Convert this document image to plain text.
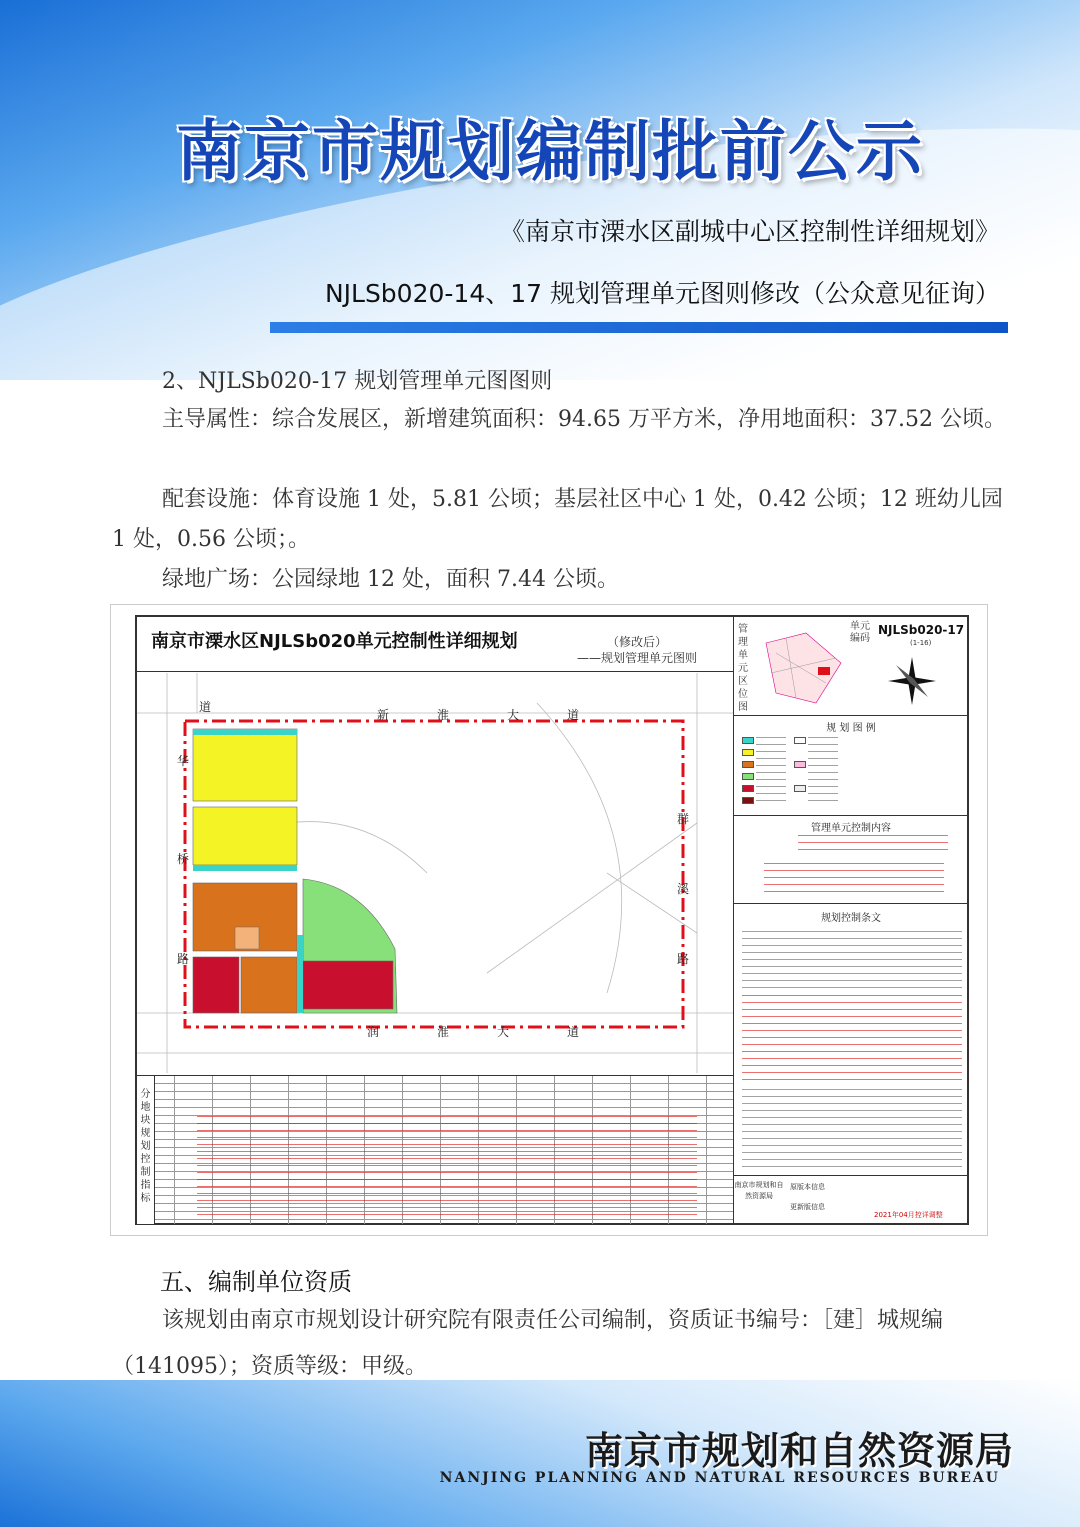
南京市规划编制批前公示
《南京市溧水区副城中心区控制性详细规划》
NJLSb020-14、17 规划管理单元图则修改（公众意见征询）
2、NJLSb020-17 规划管理单元图图则
主导属性：综合发展区，新增建筑面积：94.65 万平方米，净用地面积：37.52 公顷。
配套设施：体育设施 1 处，5.81 公顷；基层社区中心 1 处，0.42 公顷；12 班幼儿园 1 处，0.56 公顷；。
绿地广场：公园绿地 12 处，面积 7.44 公顷。
南京市溧水区NJLSb020单元控制性详细规划	（修改后）
——规划管理单元图则
新	淮	大	道
润	淮	大	道
道
华
桥
路
群
溪
路
分地块规划控制指标
管理单元区位图
单元编码
NJLSb020-17
(1-16)
规 划 图 例
管理单元控制内容
规划控制条文
南京市规划和自然资源局
原版本信息
更新版信息
2021年04月控详调整
五、编制单位资质
该规划由南京市规划设计研究院有限责任公司编制，资质证书编号：［建］城规编（141095）；资质等级：甲级。
南京市规划和自然资源局
NANJING PLANNING AND NATURAL RESOURCES BUREAU
